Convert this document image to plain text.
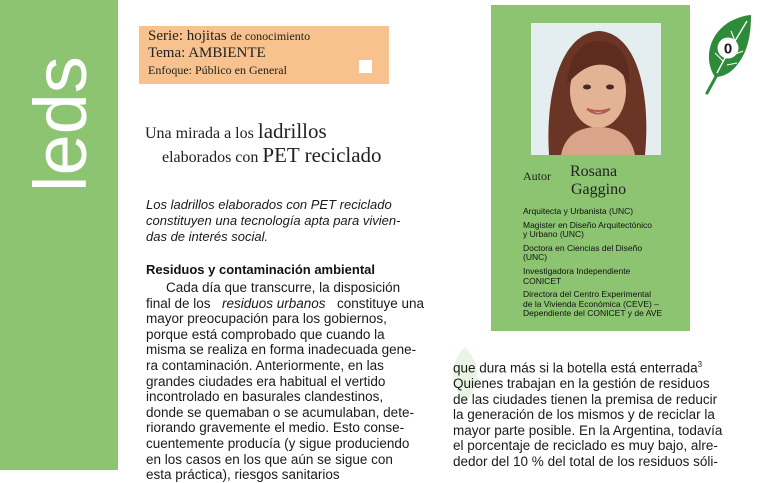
leds
Serie: hojitas de conocimiento
Tema: AMBIENTE
Enfoque: Público en General
Una mirada a los ladrillos
elaborados con PET reciclado
Los ladrillos elaborados con PET reciclado
constituyen una tecnología apta para vivien-
das de interés social.
Residuos y contaminación ambiental
Cada día que transcurre, la disposición
final de los residuos urbanos constituye una
mayor preocupación para los gobiernos,
porque está comprobado que cuando la
misma se realiza en forma inadecuada gene-
ra contaminación. Anteriormente, en las
grandes ciudades era habitual el vertido
incontrolado en basurales clandestinos,
donde se quemaban o se acumulaban, dete-
riorando gravemente el medio. Esto conse-
cuentemente producía (y sigue produciendo
en los casos en los que aún se sigue con
esta práctica), riesgos sanitarios
Autor Rosana
Gaggino
Arquitecta y Urbanista (UNC)
Magister en Diseño Arquitectónico
y Urbano (UNC)
Doctora en Ciencias del Diseño
(UNC)
Investigadora Independiente
CONICET
Directora del Centro Experimental
de la Vivienda Económica (CEVE) –
Dependiente del CONICET y de AVE
que dura más si la botella está enterrada$^3$
Quienes trabajan en la gestión de residuos
de las ciudades tienen la premisa de reducir
la generación de los mismos y de reciclar la
mayor parte posible. En la Argentina, todavía
el porcentaje de reciclado es muy bajo, alre-
dedor del 10 % del total de los residuos sóli-
0
